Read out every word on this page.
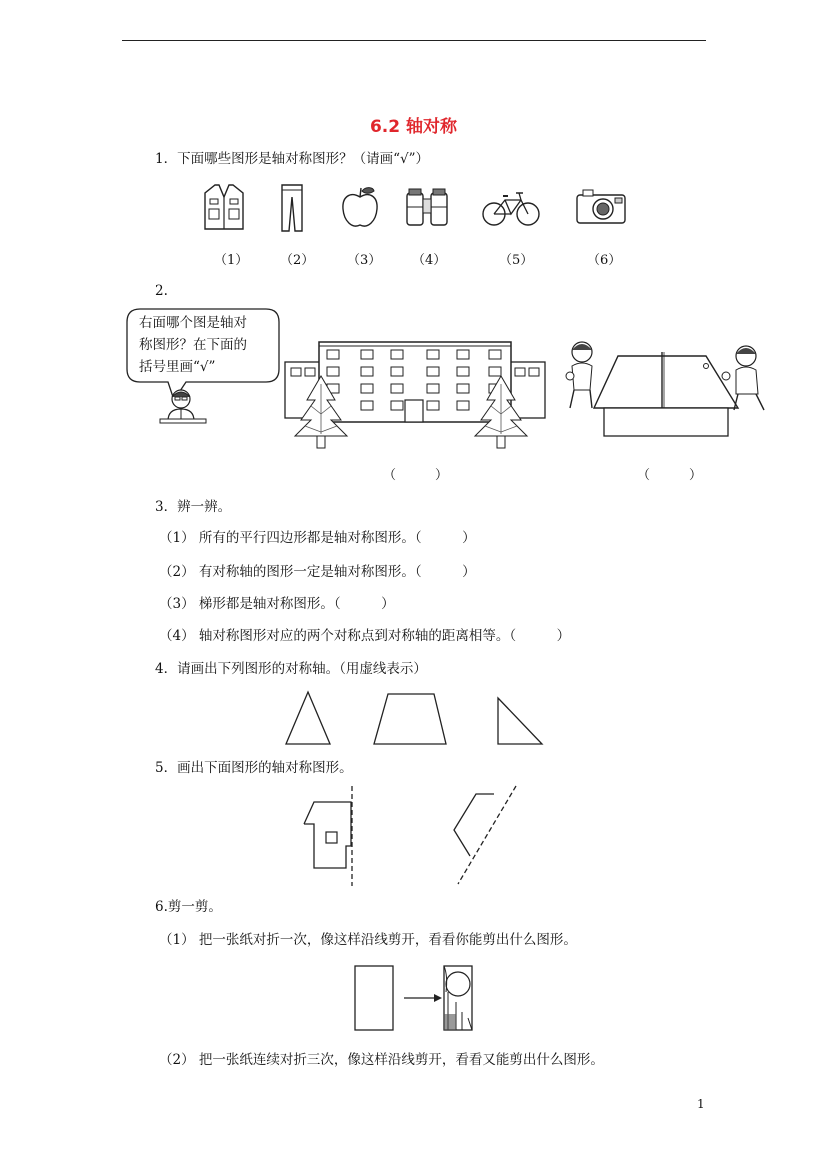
6.2 轴对称
1．下面哪些图形是轴对称图形？（请画“√”）
（1） （2）	（3） （4）	（5）	（6）
2.
右面哪个图是轴对
称图形？在下面的
括号里画“√”
（　　　）	（　　　）
3．辨一辨。
（1） 所有的平行四边形都是轴对称图形。（　　　）
（2） 有对称轴的图形一定是轴对称图形。（　　　）
（3） 梯形都是轴对称图形。（　　　）
（4） 轴对称图形对应的两个对称点到对称轴的距离相等。（　　　）
4．请画出下列图形的对称轴。（用虚线表示）
5．画出下面图形的轴对称图形。
6.剪一剪。
（1） 把一张纸对折一次，像这样沿线剪开，看看你能剪出什么图形。
（2） 把一张纸连续对折三次，像这样沿线剪开，看看又能剪出什么图形。
1
